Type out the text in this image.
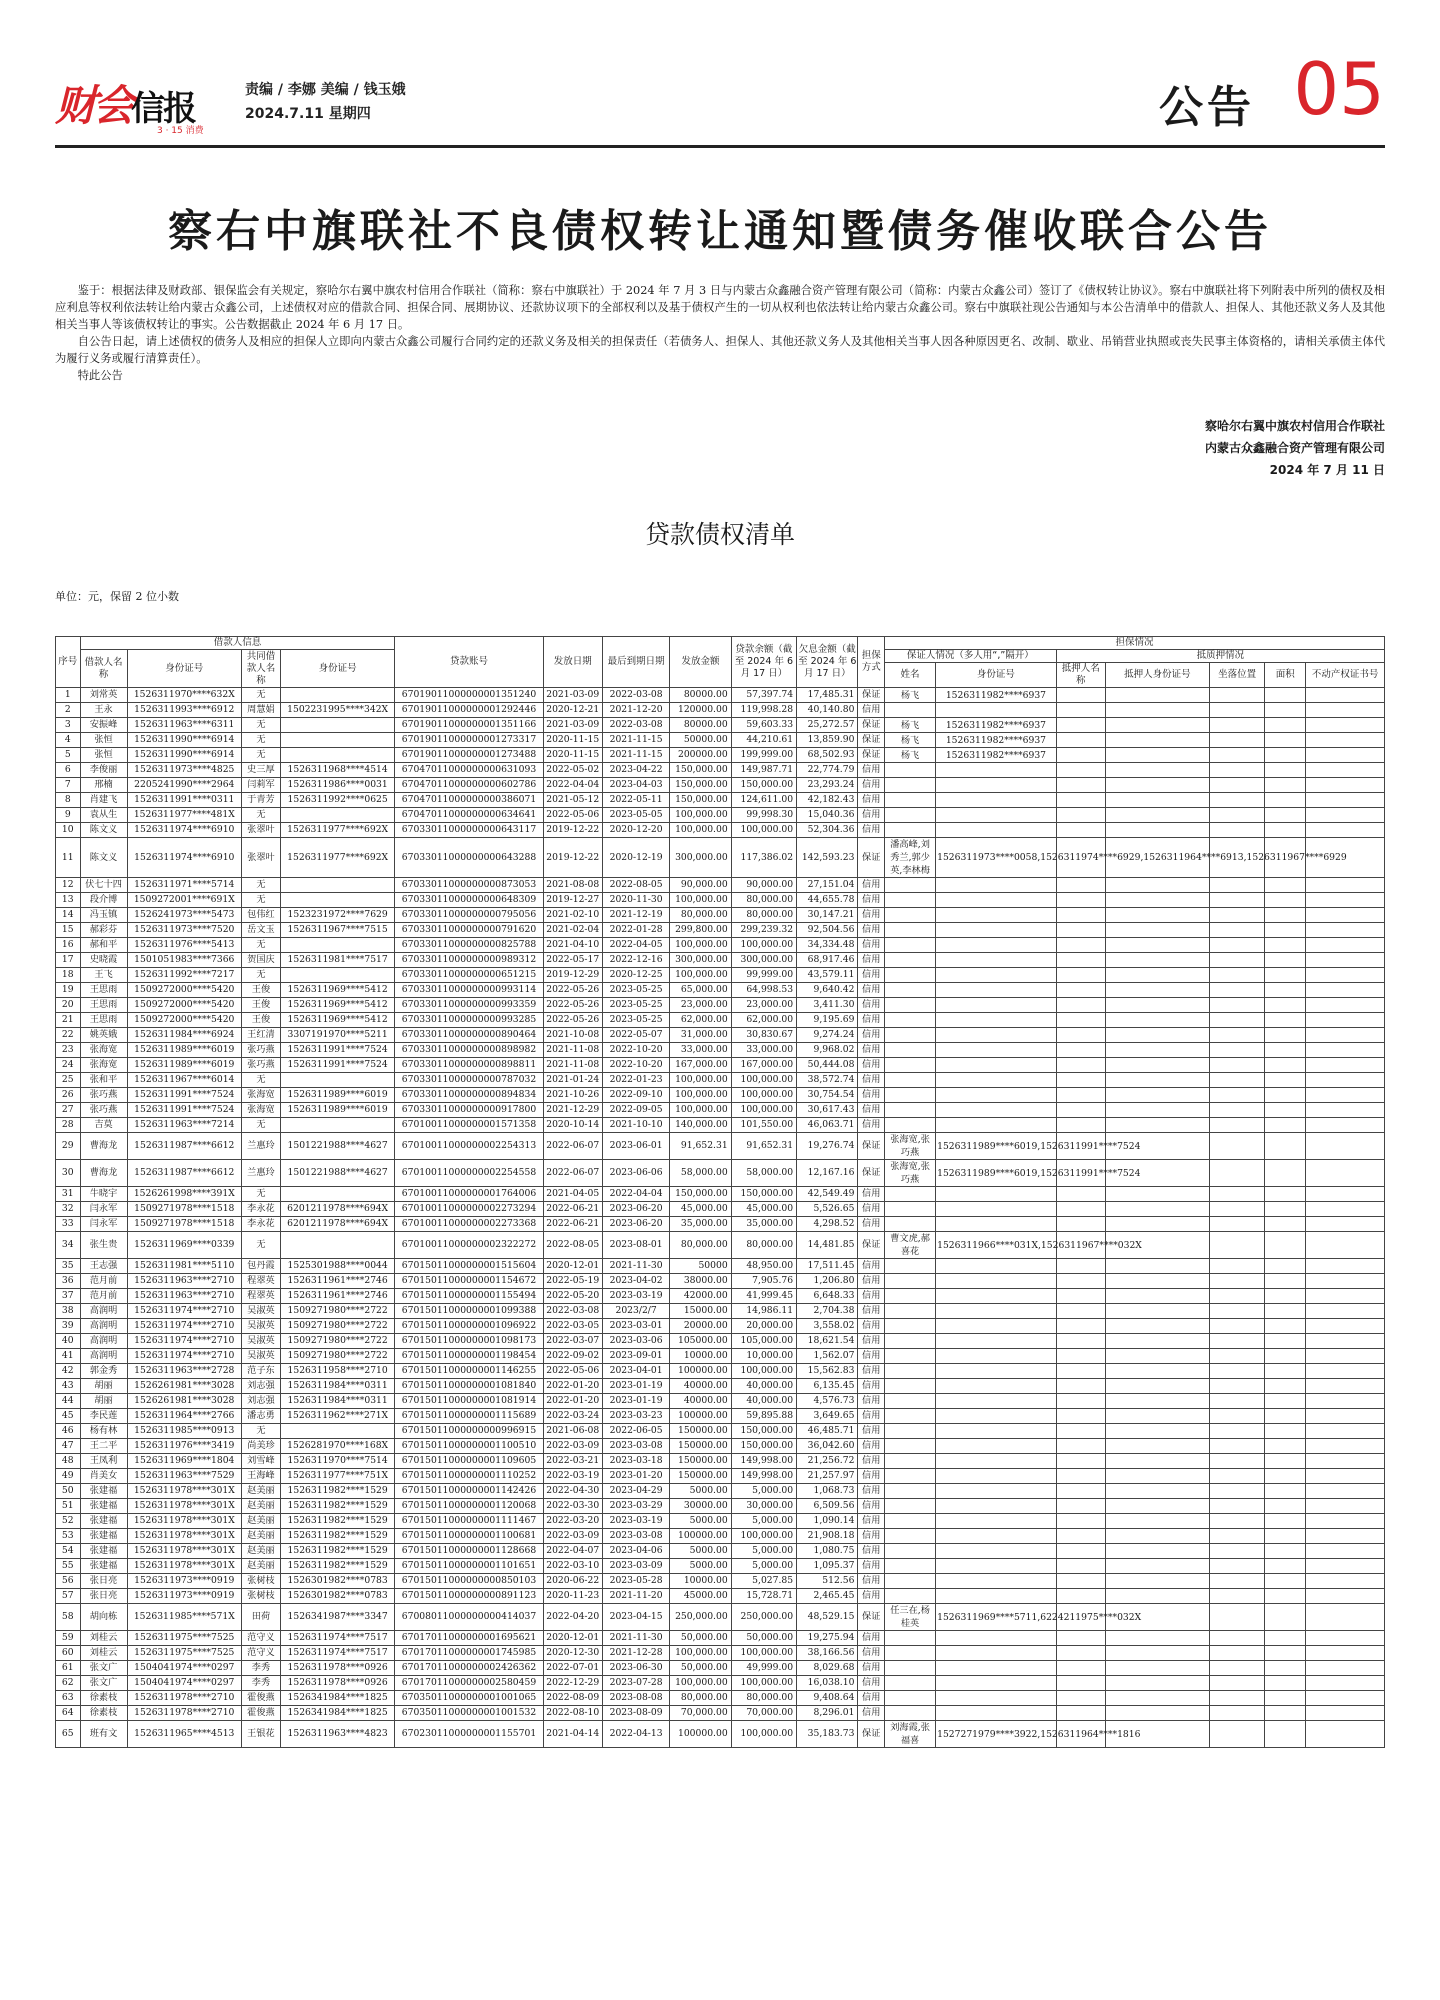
财会信报
3 · 15 消费
责编 / 李娜 美编 / 钱玉娥
2024.7.11 星期四	公告 05
察右中旗联社不良债权转让通知暨债务催收联合公告

鉴于：根据法律及财政部、银保监会有关规定，察哈尔右翼中旗农村信用合作联社（简称：察右中旗联社）于 2024 年 7 月 3 日与内蒙古众鑫融合资产管理有限公司（简称：内蒙古众鑫公司）签订了《债权转让协议》。察右中旗联社将下列附表中所列的债权及相应利息等权利依法转让给内蒙古众鑫公司，上述债权对应的借款合同、担保合同、展期协议、还款协议项下的全部权利以及基于债权产生的一切从权利也依法转让给内蒙古众鑫公司。察右中旗联社现公告通知与本公告清单中的借款人、担保人、其他还款义务人及其他相关当事人等该债权转让的事实。公告数据截止 2024 年 6 月 17 日。

自公告日起，请上述债权的债务人及相应的担保人立即向内蒙古众鑫公司履行合同约定的还款义务及相关的担保责任（若债务人、担保人、其他还款义务人及其他相关当事人因各种原因更名、改制、歇业、吊销营业执照或丧失民事主体资格的，请相关承债主体代为履行义务或履行清算责任）。

特此公告

察哈尔右翼中旗农村信用合作联社
内蒙古众鑫融合资产管理有限公司
2024 年 7 月 11 日
贷款债权清单
单位：元，保留 2 位小数
序号	借款人信息				贷款账号	发放日期	最后到期日期	发放金额	贷款余额（截至 2024 年 6 月 17 日）	欠息金额（截至 2024 年 6 月 17 日）	担保方式	担保情况						
	借款人名称	身份证号	共同借款人名称	身份证号								保证人情况（多人用“,”隔开）		抵质押情况				
												姓名	身份证号	抵押人名称	抵押人身份证号	坐落位置	面积	不动产权证书号
1	刘常英	1526311970****632X	无		67019011000000001351240	2021-03-09	2022-03-08	80000.00	57,397.74	17,485.31	保证	杨飞	1526311982****6937					
2	王永	1526311993****6912	周慧娟	1502231995****342X	67019011000000001292446	2020-12-21	2021-12-20	120000.00	119,998.28	40,140.80	信用							
3	安振峰	1526311963****6311	无		67019011000000001351166	2021-03-09	2022-03-08	80000.00	59,603.33	25,272.57	保证	杨飞	1526311982****6937					
4	张恒	1526311990****6914	无		67019011000000001273317	2020-11-15	2021-11-15	50000.00	44,210.61	13,859.90	保证	杨飞	1526311982****6937					
5	张恒	1526311990****6914	无		67019011000000001273488	2020-11-15	2021-11-15	200000.00	199,999.00	68,502.93	保证	杨飞	1526311982****6937					
6	李俊丽	1526311973****4825	史三厚	1526311968****4514	67047011000000000631093	2022-05-02	2023-04-22	150,000.00	149,987.71	22,774.79	信用							
7	邢楠	2205241990****2964	闫莉军	1526311986****0031	67047011000000000602786	2022-04-04	2023-04-03	150,000.00	150,000.00	23,293.24	信用							
8	肖建飞	1526311991****0311	于青芳	1526311992****0625	67047011000000000386071	2021-05-12	2022-05-11	150,000.00	124,611.00	42,182.43	信用							
9	袁从生	1526311977****481X	无		67047011000000000634641	2022-05-06	2023-05-05	100,000.00	99,998.30	15,040.36	信用							
10	陈文义	1526311974****6910	张翠叶	1526311977****692X	67033011000000000643117	2019-12-22	2020-12-20	100,000.00	100,000.00	52,304.36	信用							
11	陈文义	1526311974****6910	张翠叶	1526311977****692X	67033011000000000643288	2019-12-22	2020-12-19	300,000.00	117,386.02	142,593.23	保证	潘高峰,刘秀兰,郭少英,李林梅	1526311973****0058,1526311974****6929,1526311964****6913,1526311967****6929					
12	伏七十四	1526311971****5714	无		67033011000000000873053	2021-08-08	2022-08-05	90,000.00	90,000.00	27,151.04	信用							
13	段介博	1509272001****691X	无		67033011000000000648309	2019-12-27	2020-11-30	100,000.00	80,000.00	44,655.78	信用							
14	冯玉镇	1526241973****5473	包伟红	1523231972****7629	67033011000000000795056	2021-02-10	2021-12-19	80,000.00	80,000.00	30,147.21	信用							
15	郝彩芬	1526311973****7520	岳文玉	1526311967****7515	67033011000000000791620	2021-02-04	2022-01-28	299,800.00	299,239.32	92,504.56	信用							
16	郝和平	1526311976****5413	无		67033011000000000825788	2021-04-10	2022-04-05	100,000.00	100,000.00	34,334.48	信用							
17	史晓霞	1501051983****7366	贺国庆	1526311981****7517	67033011000000000989312	2022-05-17	2022-12-16	300,000.00	300,000.00	68,917.46	信用							
18	王飞	1526311992****7217	无		67033011000000000651215	2019-12-29	2020-12-25	100,000.00	99,999.00	43,579.11	信用							
19	王思雨	1509272000****5420	王俊	1526311969****5412	67033011000000000993114	2022-05-26	2023-05-25	65,000.00	64,998.53	9,640.42	信用							
20	王思雨	1509272000****5420	王俊	1526311969****5412	67033011000000000993359	2022-05-26	2023-05-25	23,000.00	23,000.00	3,411.30	信用							
21	王思雨	1509272000****5420	王俊	1526311969****5412	67033011000000000993285	2022-05-26	2023-05-25	62,000.00	62,000.00	9,195.69	信用							
22	姚英娥	1526311984****6924	王红清	3307191970****5211	67033011000000000890464	2021-10-08	2022-05-07	31,000.00	30,830.67	9,274.24	信用							
23	张海宽	1526311989****6019	张巧燕	1526311991****7524	67033011000000000898982	2021-11-08	2022-10-20	33,000.00	33,000.00	9,968.02	信用							
24	张海宽	1526311989****6019	张巧燕	1526311991****7524	67033011000000000898811	2021-11-08	2022-10-20	167,000.00	167,000.00	50,444.08	信用							
25	张和平	1526311967****6014	无		67033011000000000787032	2021-01-24	2022-01-23	100,000.00	100,000.00	38,572.74	信用							
26	张巧燕	1526311991****7524	张海宽	1526311989****6019	67033011000000000894834	2021-10-26	2022-09-10	100,000.00	100,000.00	30,754.54	信用							
27	张巧燕	1526311991****7524	张海宽	1526311989****6019	67033011000000000917800	2021-12-29	2022-09-05	100,000.00	100,000.00	30,617.43	信用							
28	吉莫	1526311963****7214	无		67010011000000001571358	2020-10-14	2021-10-10	140,000.00	101,550.00	46,063.71	信用							
29	曹海龙	1526311987****6612	兰惠玲	1501221988****4627	67010011000000002254313	2022-06-07	2023-06-01	91,652.31	91,652.31	19,276.74	保证	张海宽,张巧燕	1526311989****6019,1526311991****7524					
30	曹海龙	1526311987****6612	兰惠玲	1501221988****4627	67010011000000002254558	2022-06-07	2023-06-06	58,000.00	58,000.00	12,167.16	保证	张海宽,张巧燕	1526311989****6019,1526311991****7524					
31	牛晓宇	1526261998****391X	无		67010011000000001764006	2021-04-05	2022-04-04	150,000.00	150,000.00	42,549.49	信用							
32	闫永军	1509271978****1518	李永花	6201211978****694X	67010011000000002273294	2022-06-21	2023-06-20	45,000.00	45,000.00	5,526.65	信用							
33	闫永军	1509271978****1518	李永花	6201211978****694X	67010011000000002273368	2022-06-21	2023-06-20	35,000.00	35,000.00	4,298.52	信用							
34	张生贵	1526311969****0339	无		67010011000000002322272	2022-08-05	2023-08-01	80,000.00	80,000.00	14,481.85	保证	曹文虎,郝喜花	1526311966****031X,1526311967****032X					
35	王志强	1526311981****5110	包丹霞	1525301988****0044	67015011000000001515604	2020-12-01	2021-11-30	50000	48,950.00	17,511.45	信用							
36	范月前	1526311963****2710	程翠英	1526311961****2746	67015011000000001154672	2022-05-19	2023-04-02	38000.00	7,905.76	1,206.80	信用							
37	范月前	1526311963****2710	程翠英	1526311961****2746	67015011000000001155494	2022-05-20	2023-03-19	42000.00	41,999.45	6,648.33	信用							
38	高润明	1526311974****2710	吴淑英	1509271980****2722	67015011000000001099388	2022-03-08	2023/2/7	15000.00	14,986.11	2,704.38	信用							
39	高润明	1526311974****2710	吴淑英	1509271980****2722	67015011000000001096922	2022-03-05	2023-03-01	20000.00	20,000.00	3,558.02	信用							
40	高润明	1526311974****2710	吴淑英	1509271980****2722	67015011000000001098173	2022-03-07	2023-03-06	105000.00	105,000.00	18,621.54	信用							
41	高润明	1526311974****2710	吴淑英	1509271980****2722	67015011000000001198454	2022-09-02	2023-09-01	10000.00	10,000.00	1,562.07	信用							
42	郭金秀	1526311963****2728	范子东	1526311958****2710	67015011000000001146255	2022-05-06	2023-04-01	100000.00	100,000.00	15,562.83	信用							
43	胡丽	1526261981****3028	刘志强	1526311984****0311	67015011000000001081840	2022-01-20	2023-01-19	40000.00	40,000.00	6,135.45	信用							
44	胡丽	1526261981****3028	刘志强	1526311984****0311	67015011000000001081914	2022-01-20	2023-01-19	40000.00	40,000.00	4,576.73	信用							
45	李民莲	1526311964****2766	潘志勇	1526311962****271X	67015011000000001115689	2022-03-24	2023-03-23	100000.00	59,895.88	3,649.65	信用							
46	杨有林	1526311985****0913	无		67015011000000000996915	2021-06-08	2022-06-05	150000.00	150,000.00	46,485.71	信用							
47	王二平	1526311976****3419	尚美珍	1526281970****168X	67015011000000001100510	2022-03-09	2023-03-08	150000.00	150,000.00	36,042.60	信用							
48	王凤利	1526311969****1804	刘雪峰	1526311970****7514	67015011000000001109605	2022-03-21	2023-03-18	150000.00	149,998.00	21,256.72	信用							
49	肖美女	1526311963****7529	王海峰	1526311977****751X	67015011000000001110252	2022-03-19	2023-01-20	150000.00	149,998.00	21,257.97	信用							
50	张建福	1526311978****301X	赵美丽	1526311982****1529	67015011000000001142426	2022-04-30	2023-04-29	5000.00	5,000.00	1,068.73	信用							
51	张建福	1526311978****301X	赵美丽	1526311982****1529	67015011000000001120068	2022-03-30	2023-03-29	30000.00	30,000.00	6,509.56	信用							
52	张建福	1526311978****301X	赵美丽	1526311982****1529	67015011000000001111467	2022-03-20	2023-03-19	5000.00	5,000.00	1,090.14	信用							
53	张建福	1526311978****301X	赵美丽	1526311982****1529	67015011000000001100681	2022-03-09	2023-03-08	100000.00	100,000.00	21,908.18	信用							
54	张建福	1526311978****301X	赵美丽	1526311982****1529	67015011000000001128668	2022-04-07	2023-04-06	5000.00	5,000.00	1,080.75	信用							
55	张建福	1526311978****301X	赵美丽	1526311982****1529	67015011000000001101651	2022-03-10	2023-03-09	5000.00	5,000.00	1,095.37	信用							
56	张日亮	1526311973****0919	张树枝	1526301982****0783	67015011000000000850103	2020-06-22	2023-05-28	10000.00	5,027.85	512.56	信用							
57	张日亮	1526311973****0919	张树枝	1526301982****0783	67015011000000000891123	2020-11-23	2021-11-20	45000.00	15,728.71	2,465.45	信用							
58	胡向栋	1526311985****571X	田荷	1526341987****3347	67008011000000000414037	2022-04-20	2023-04-15	250,000.00	250,000.00	48,529.15	保证	任三在,杨桂英	1526311969****5711,6224211975****032X					
59	刘桂云	1526311975****7525	范守义	1526311974****7517	67017011000000001695621	2020-12-01	2021-11-30	50,000.00	50,000.00	19,275.94	信用							
60	刘桂云	1526311975****7525	范守义	1526311974****7517	67017011000000001745985	2020-12-30	2021-12-28	100,000.00	100,000.00	38,166.56	信用							
61	张文广	1504041974****0297	李秀	1526311978****0926	67017011000000002426362	2022-07-01	2023-06-30	50,000.00	49,999.00	8,029.68	信用							
62	张文广	1504041974****0297	李秀	1526311978****0926	67017011000000002580459	2022-12-29	2023-07-28	100,000.00	100,000.00	16,038.10	信用							
63	徐素枝	1526311978****2710	霍俊燕	1526341984****1825	67035011000000001001065	2022-08-09	2023-08-08	80,000.00	80,000.00	9,408.64	信用							
64	徐素枝	1526311978****2710	霍俊燕	1526341984****1825	67035011000000001001532	2022-08-10	2023-08-09	70,000.00	70,000.00	8,296.01	信用							
65	班有文	1526311965****4513	王银花	1526311963****4823	67023011000000001155701	2021-04-14	2022-04-13	100000.00	100,000.00	35,183.73	保证	刘海霞,张福喜	1527271979****3922,1526311964****1816					
